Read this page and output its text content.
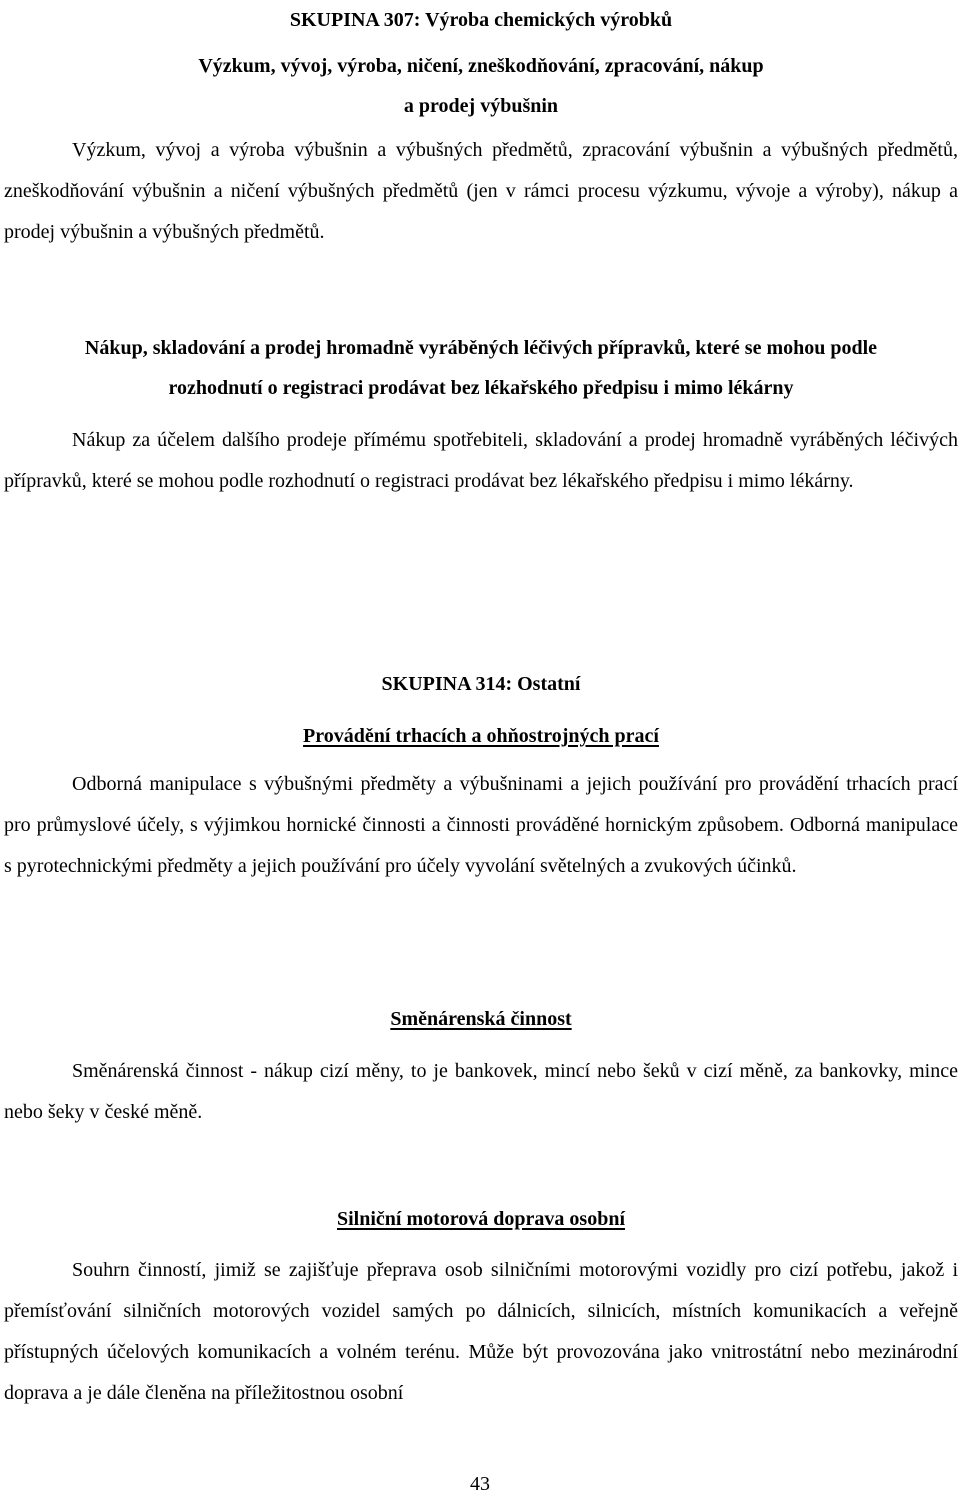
SKUPINA 307: Výroba chemických výrobků
Výzkum, vývoj, výroba, ničení, zneškodňování, zpracování, nákup
a prodej výbušnin

Výzkum, vývoj a výroba výbušnin a výbušných předmětů, zpracování výbušnin a výbušných předmětů, zneškodňování výbušnin a ničení výbušných předmětů (jen v rámci procesu výzkumu, vývoje a výroby), nákup a prodej výbušnin a výbušných předmětů.

Nákup, skladování a prodej hromadně vyráběných léčivých přípravků, které se mohou podle
rozhodnutí o registraci prodávat bez lékařského předpisu i mimo lékárny

Nákup za účelem dalšího prodeje přímému spotřebiteli, skladování a prodej hromadně vyráběných léčivých přípravků, které se mohou podle rozhodnutí o registraci prodávat bez lékařského předpisu i mimo lékárny.

SKUPINA 314: Ostatní
Provádění trhacích a ohňostrojných prací

Odborná manipulace s výbušnými předměty a výbušninami a jejich používání pro provádění trhacích prací pro průmyslové účely, s výjimkou hornické činnosti a činnosti prováděné hornickým způsobem. Odborná manipulace s pyrotechnickými předměty a jejich používání pro účely vyvolání světelných a zvukových účinků.

Směnárenská činnost

Směnárenská činnost - nákup cizí měny, to je bankovek, mincí nebo šeků v cizí měně, za bankovky, mince nebo šeky v české měně.

Silniční motorová doprava osobní

Souhrn činností, jimiž se zajišťuje přeprava osob silničními motorovými vozidly pro cizí potřebu, jakož i přemísťování silničních motorových vozidel samých po dálnicích, silnicích, místních komunikacích a veřejně přístupných účelových komunikacích a volném terénu. Může být provozována jako vnitrostátní nebo mezinárodní doprava a je dále členěna na příležitostnou osobní

43
